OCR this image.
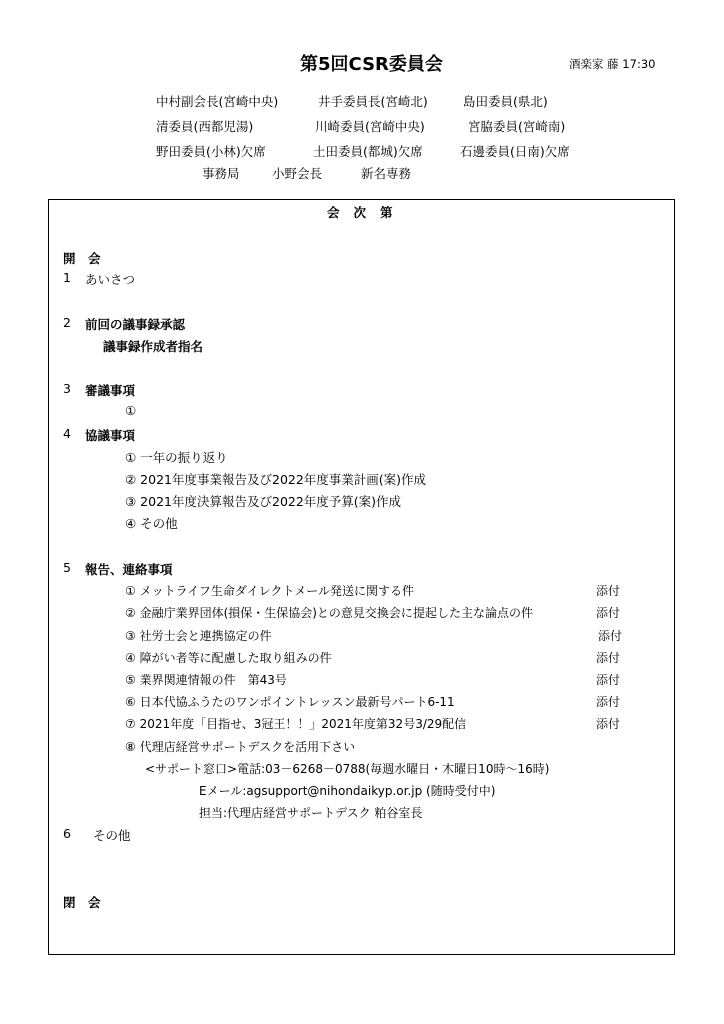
第5回CSR委員会	酒楽家 藤 17:30
中村副会長(宮崎中央)	井手委員長(宮崎北)	島田委員(県北)
清委員(西都児湯)	川崎委員(宮崎中央)	宮脇委員(宮崎南)
野田委員(小林)欠席	土田委員(都城)欠席	石邊委員(日南)欠席
事務局	小野会長	新名専務
会次第
開　会
1 あいさつ
2 前回の議事録承認
議事録作成者指名
3 審議事項
①
4 協議事項
① 一年の振り返り
② 2021年度事業報告及び2022年度事業計画(案)作成
③ 2021年度決算報告及び2022年度予算(案)作成
④ その他
5 報告、連絡事項
① メットライフ生命ダイレクトメール発送に関する件	添付
② 金融庁業界団体(損保・生保協会)との意見交換会に提起した主な論点の件	添付
③ 社労士会と連携協定の件	添付
④ 障がい者等に配慮した取り組みの件	添付
⑤ 業界関連情報の件　第43号	添付
⑥ 日本代協ふうたのワンポイントレッスン最新号パート6-11	添付
⑦ 2021年度「目指せ、3冠王！！」2021年度第32号3/29配信	添付
⑧ 代理店経営サポートデスクを活用下さい
<サポート窓口>電話:03－6268－0788(毎週水曜日・木曜日10時～16時)
Eメール:agsupport@nihondaikyp.or.jp (随時受付中)
担当:代理店経営サポートデスク 粕谷室長
6 その他
閉　会
